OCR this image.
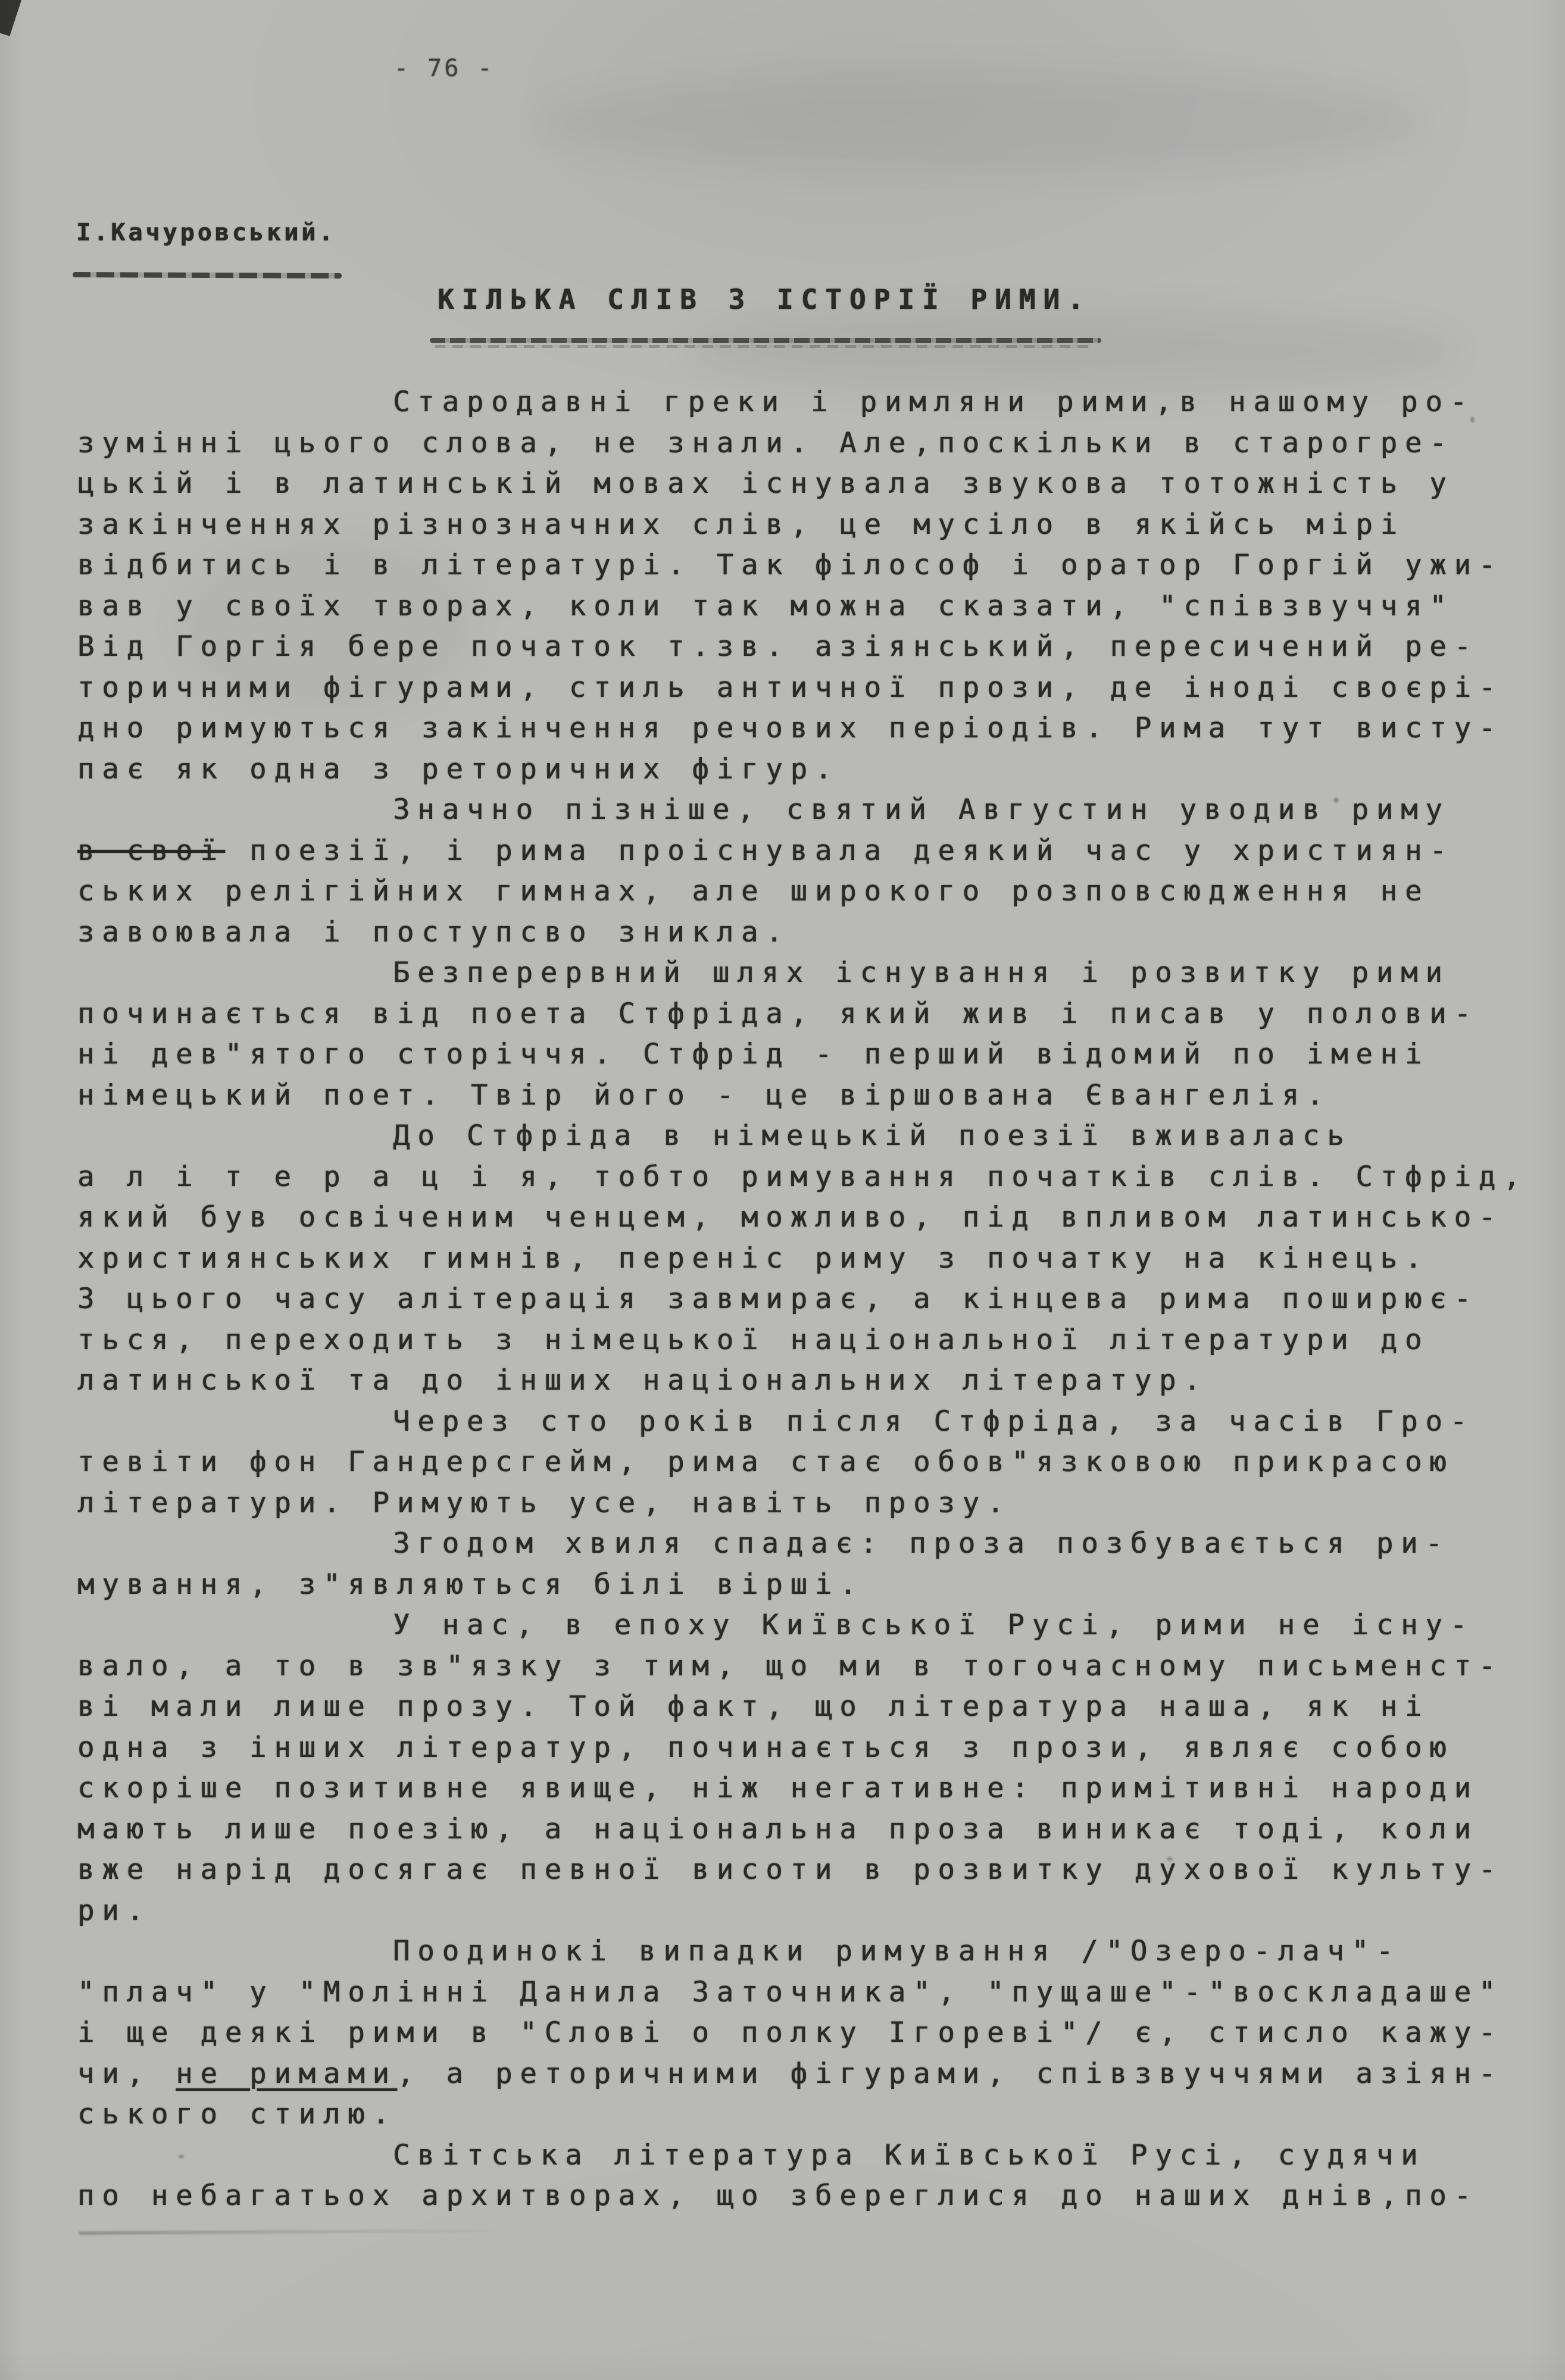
- 76 -
І.Качуровський.
КІЛЬКА СЛІВ З ІСТОРІЇ РИМИ.
Стародавні греки і римляни рими,в нашому ро-
зумінні цього слова, не знали. Але,поскільки в старогре-
цькій і в латинській мовах існувала звукова тотожність у
закінченнях різнозначних слів, це мусіло в якійсь мірі
відбитись і в літературі. Так філософ і оратор Горгій ужи-
вав у своїх творах, коли так можна сказати, "співзвуччя"
Від Горгія бере початок т.зв. азіянський, пересичений ре-
торичними фігурами, стиль античної прози, де іноді своєрі-
дно римуються закінчення речових періодів. Рима тут висту-
пає як одна з реторичних фігур.
Значно пізніше, святий Августин уводив риму
в свої поезії, і рима проіснувала деякий час у християн-
ських релігійних гимнах, але широкого розповсюдження не
завоювала і поступсво зникла.
Безперервний шлях існування і розвитку рими
починається від поета Стфріда, який жив і писав у полови-
ні дев"ятого сторіччя. Стфрід - перший відомий по імені
німецький поет. Твір його - це віршована Євангелія.
До Стфріда в німецькій поезії вживалась
а л і т е р а ц і я, тобто римування початків слів. Стфрід,
який був освіченим ченцем, можливо, під впливом латинсько-
християнських гимнів, переніс риму з початку на кінець.
З цього часу алітерація завмирає, а кінцева рима поширює-
ться, переходить з німецької національної літератури до
латинської та до інших національних літератур.
Через сто років після Стфріда, за часів Гро-
тевіти фон Гандерсгейм, рима стає обов"язковою прикрасою
літератури. Римують усе, навіть прозу.
Згодом хвиля спадає: проза позбувається ри-
мування, з"являються білі вірші.
У нас, в епоху Київської Русі, рими не існу-
вало, а то в зв"язку з тим, що ми в тогочасному письменст-
ві мали лише прозу. Той факт, що література наша, як ні
одна з інших літератур, починається з прози, являє собою
скоріше позитивне явище, ніж негативне: примітивні народи
мають лише поезію, а національна проза виникає тоді, коли
вже нарід досягає певної висоти в розвитку духової культу-
ри.
Поодинокі випадки римування /"Озеро-лач"-
"плач" у "Молінні Данила Заточника", "пущаше"-"воскладаше"
і ще деякі рими в "Слові о полку Ігореві"/ є, стисло кажу-
чи, не римами, а реторичними фігурами, співзвуччями азіян-
ського стилю.
Світська література Київської Русі, судячи
по небагатьох архитворах, що збереглися до наших днів,по-
